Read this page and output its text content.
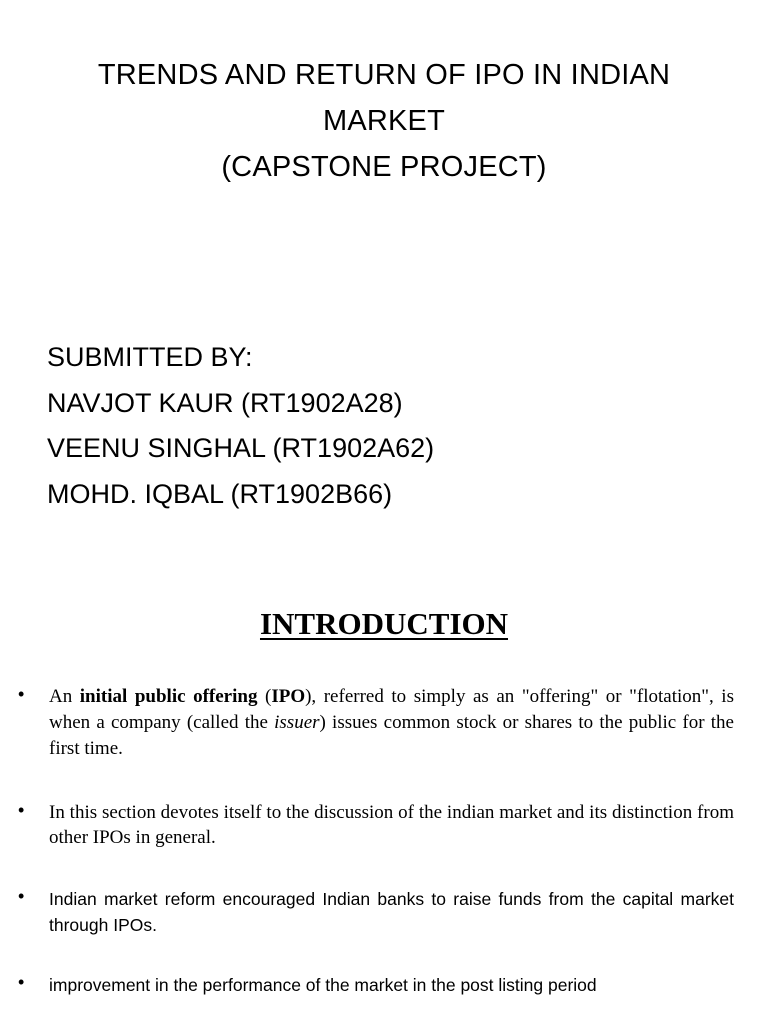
TRENDS AND RETURN OF IPO IN INDIAN
MARKET
(CAPSTONE PROJECT)
SUBMITTED BY:
NAVJOT KAUR (RT1902A28)
VEENU SINGHAL (RT1902A62)
MOHD. IQBAL (RT1902B66)
INTRODUCTION
•	An initial public offering (IPO), referred to simply as an "offering" or "flotation", is when a company (called the issuer) issues common stock or shares to the public for the first time.
•	In this section devotes itself to the discussion of the indian market and its distinction from other IPOs in general.
•	Indian market reform encouraged Indian banks to raise funds from the capital market through IPOs.
•	improvement in the performance of the market in the post listing period
